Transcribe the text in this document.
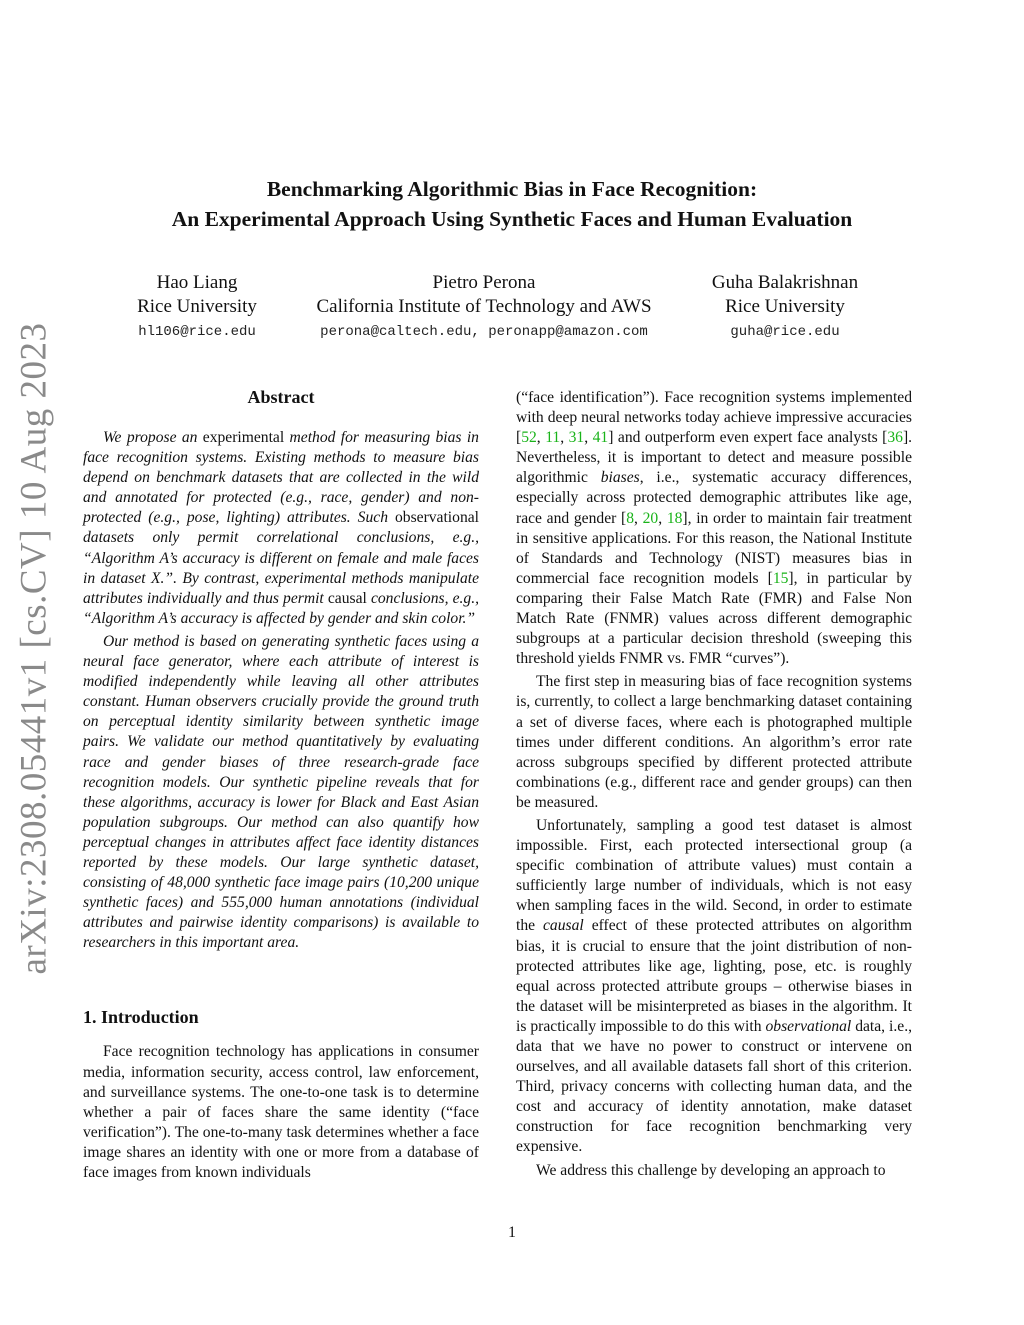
arXiv:2308.05441v1 [cs.CV] 10 Aug 2023
Benchmarking Algorithmic Bias in Face Recognition:
An Experimental Approach Using Synthetic Faces and Human Evaluation
Hao Liang
Rice University
hl106@rice.edu
Pietro Perona
California Institute of Technology and AWS
perona@caltech.edu, peronapp@amazon.com
Guha Balakrishnan
Rice University
guha@rice.edu
Abstract

We propose an experimental method for measuring bias in face recognition systems. Existing methods to measure bias depend on benchmark datasets that are collected in the wild and annotated for protected (e.g., race, gender) and non-protected (e.g., pose, lighting) attributes. Such observational datasets only permit correlational conclusions, e.g., “Algorithm A’s accuracy is different on female and male faces in dataset X.”. By contrast, experimental methods manipulate attributes individually and thus permit causal conclusions, e.g., “Algorithm A’s accuracy is affected by gender and skin color.”

Our method is based on generating synthetic faces using a neural face generator, where each attribute of interest is modified independently while leaving all other attributes constant. Human observers crucially provide the ground truth on perceptual identity similarity between synthetic image pairs. We validate our method quantitatively by evaluating race and gender biases of three research-grade face recognition models. Our synthetic pipeline reveals that for these algorithms, accuracy is lower for Black and East Asian population subgroups. Our method can also quantify how perceptual changes in attributes affect face identity distances reported by these models. Our large synthetic dataset, consisting of 48,000 synthetic face image pairs (10,200 unique synthetic faces) and 555,000 human annotations (individual attributes and pairwise identity comparisons) is available to researchers in this important area.

1. Introduction

Face recognition technology has applications in consumer media, information security, access control, law enforcement, and surveillance systems. The one-to-one task is to determine whether a pair of faces share the same identity (“face verification”). The one-to-many task determines whether a face image shares an identity with one or more from a database of face images from known individuals

(“face identification”). Face recognition systems implemented with deep neural networks today achieve impressive accuracies [52, 11, 31, 41] and outperform even expert face analysts [36]. Nevertheless, it is important to detect and measure possible algorithmic biases, i.e., systematic accuracy differences, especially across protected demographic attributes like age, race and gender [8, 20, 18], in order to maintain fair treatment in sensitive applications. For this reason, the National Institute of Standards and Technology (NIST) measures bias in commercial face recognition models [15], in particular by comparing their False Match Rate (FMR) and False Non Match Rate (FNMR) values across different demographic subgroups at a particular decision threshold (sweeping this threshold yields FNMR vs. FMR “curves”).

The first step in measuring bias of face recognition systems is, currently, to collect a large benchmarking dataset containing a set of diverse faces, where each is photographed multiple times under different conditions. An algorithm’s error rate across subgroups specified by different protected attribute combinations (e.g., different race and gender groups) can then be measured.

Unfortunately, sampling a good test dataset is almost impossible. First, each protected intersectional group (a specific combination of attribute values) must contain a sufficiently large number of individuals, which is not easy when sampling faces in the wild. Second, in order to estimate the causal effect of these protected attributes on algorithm bias, it is crucial to ensure that the joint distribution of non-protected attributes like age, lighting, pose, etc. is roughly equal across protected attribute groups – otherwise biases in the dataset will be misinterpreted as biases in the algorithm. It is practically impossible to do this with observational data, i.e., data that we have no power to construct or intervene on ourselves, and all available datasets fall short of this criterion. Third, privacy concerns with collecting human data, and the cost and accuracy of identity annotation, make dataset construction for face recognition benchmarking very expensive.

We address this challenge by developing an approach to

1
